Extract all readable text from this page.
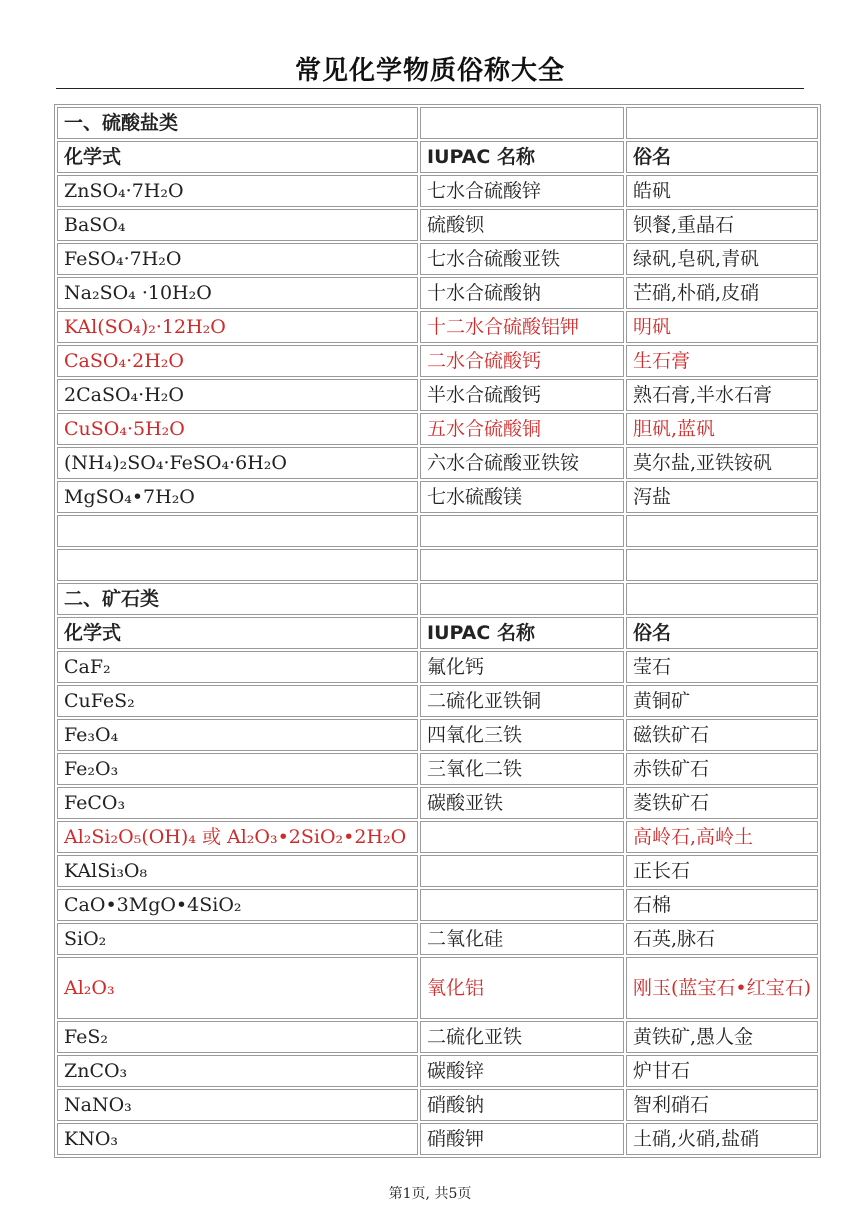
常见化学物质俗称大全
一、硫酸盐类		
化学式	IUPAC 名称	俗名
ZnSO₄·7H₂O	七水合硫酸锌	皓矾
BaSO₄	硫酸钡	钡餐,重晶石
FeSO₄·7H₂O	七水合硫酸亚铁	绿矾,皂矾,青矾
Na₂SO₄ ·10H₂O	十水合硫酸钠	芒硝,朴硝,皮硝
KAl(SO₄)₂·12H₂O	十二水合硫酸铝钾	明矾
CaSO₄·2H₂O	二水合硫酸钙	生石膏
2CaSO₄·H₂O	半水合硫酸钙	熟石膏,半水石膏
CuSO₄·5H₂O	五水合硫酸铜	胆矾,蓝矾
(NH₄)₂SO₄·FeSO₄·6H₂O	六水合硫酸亚铁铵	莫尔盐,亚铁铵矾
MgSO₄•7H₂O	七水硫酸镁	泻盐

二、矿石类		
化学式	IUPAC 名称	俗名
CaF₂	氟化钙	莹石
CuFeS₂	二硫化亚铁铜	黄铜矿
Fe₃O₄	四氧化三铁	磁铁矿石
Fe₂O₃	三氧化二铁	赤铁矿石
FeCO₃	碳酸亚铁	菱铁矿石
Al₂Si₂O₅(OH)₄ 或 Al₂O₃•2SiO₂•2H₂O		高岭石,高岭土
KAlSi₃O₈		正长石
CaO•3MgO•4SiO₂		石棉
SiO₂	二氧化硅	石英,脉石
Al₂O₃	氧化铝	刚玉(蓝宝石•红宝石)
FeS₂	二硫化亚铁	黄铁矿,愚人金
ZnCO₃	碳酸锌	炉甘石
NaNO₃	硝酸钠	智利硝石
KNO₃	硝酸钾	土硝,火硝,盐硝
第1页, 共5页
